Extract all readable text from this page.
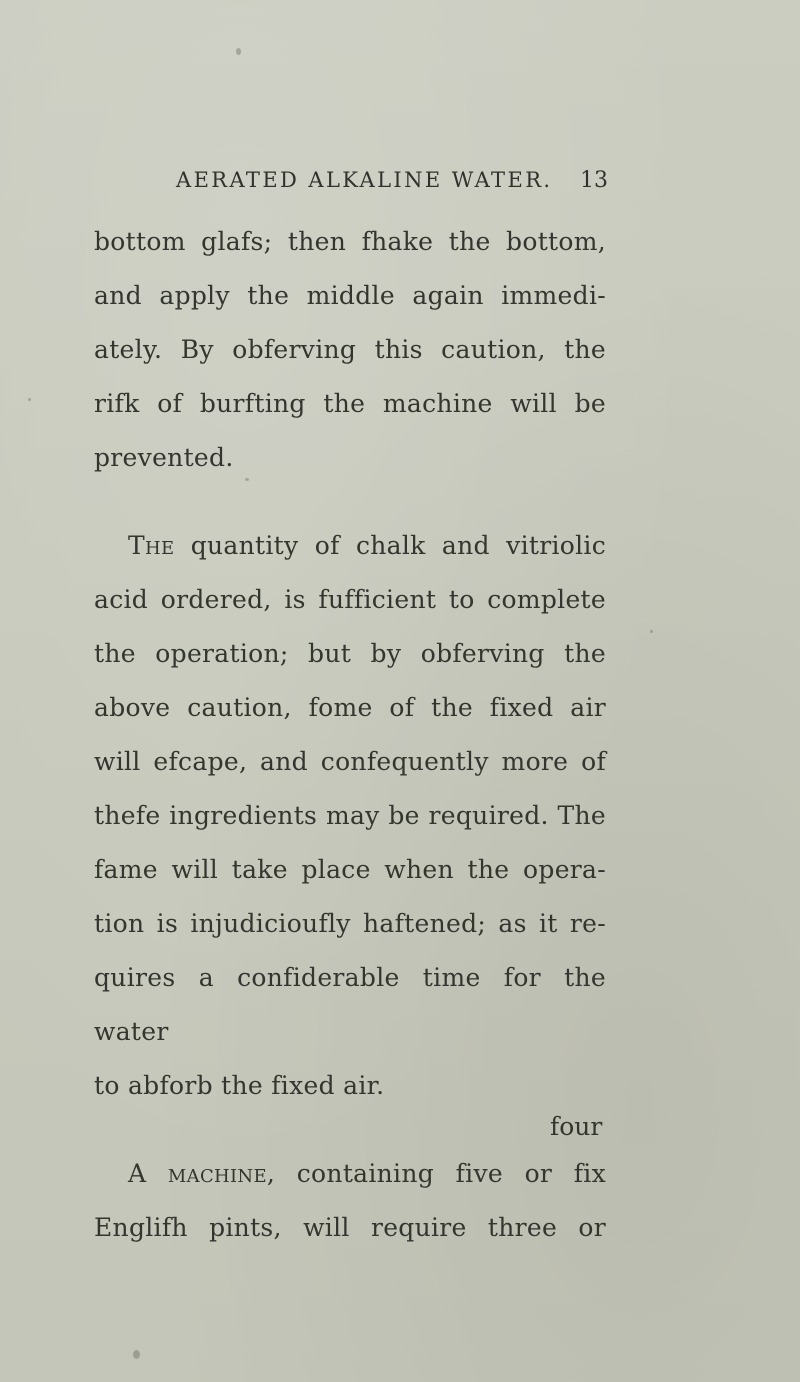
AERATED ALKALINE WATER. 13

bottom glafs; then fhake the bottom,

and apply the middle again immedi-

ately. By obferving this caution, the

rifk of burfting the machine will be

prevented.

The quantity of chalk and vitriolic

acid ordered, is fufficient to complete

the operation; but by obferving the

above caution, fome of the fixed air

will efcape, and confequently more of

thefe ingredients may be required. The

fame will take place when the opera-

tion is injudicioufly haftened; as it re-

quires a confiderable time for the water

to abforb the fixed air.

A machine, containing five or fix

Englifh pints, will require three or

four
